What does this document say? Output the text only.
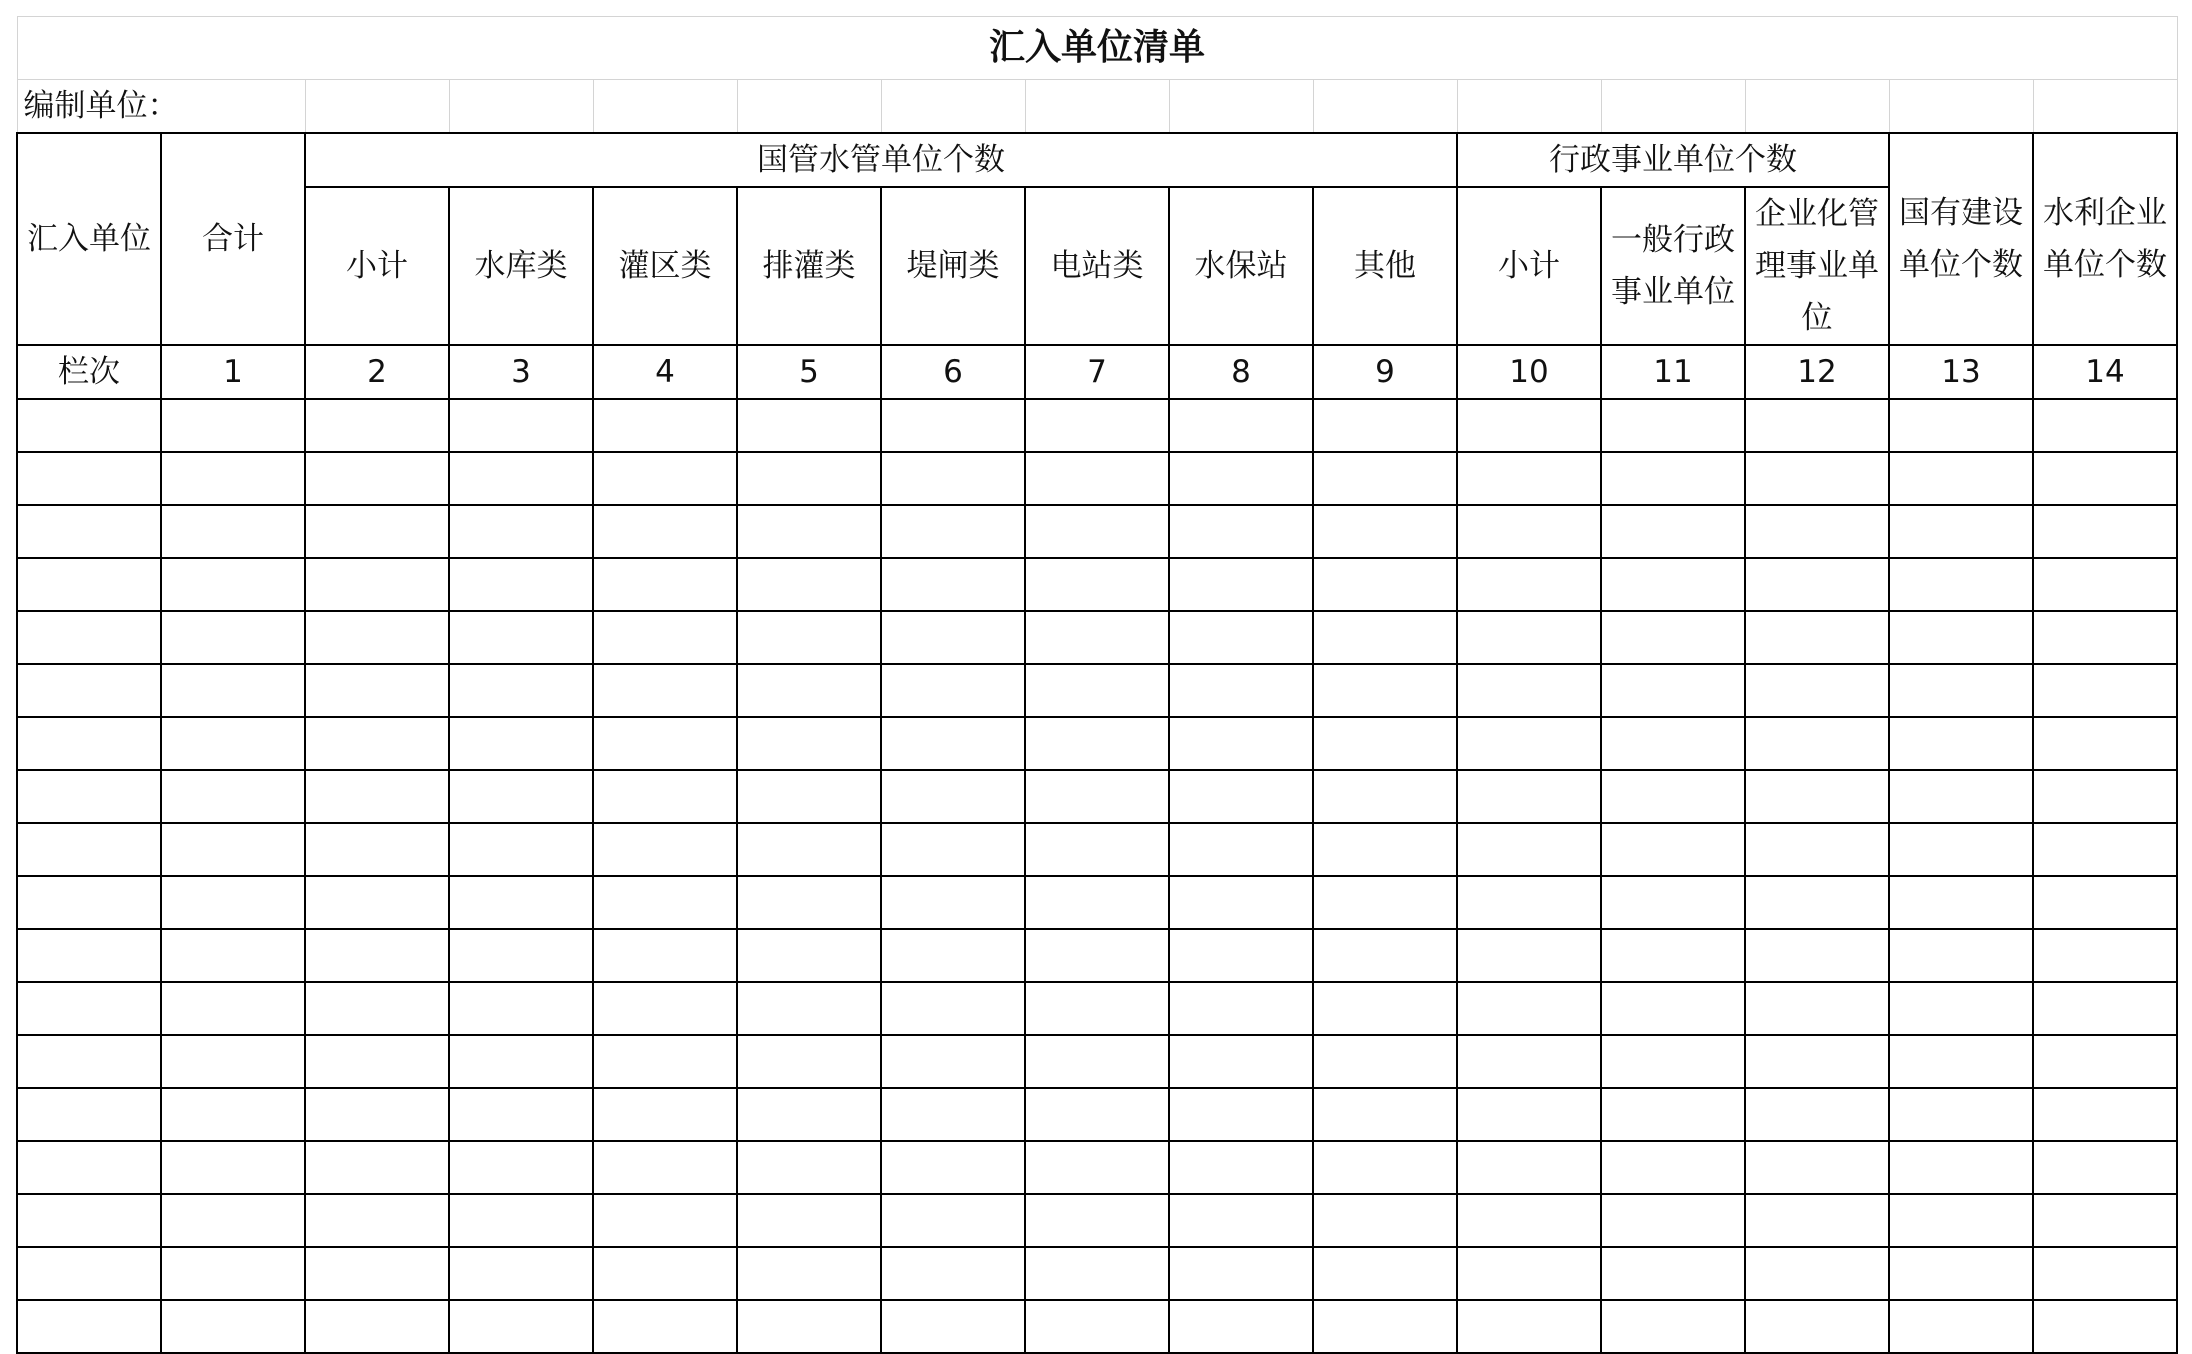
汇入单位清单														
编制单位：														
汇入单位	合计	国管水管单位个数								行政事业单位个数			国有建设单位个数	水利企业单位个数
		小计	水库类	灌区类	排灌类	堤闸类	电站类	水保站	其他	小计	一般行政事业单位	企业化管理事业单位		
栏次	1	2	3	4	5	6	7	8	9	10	11	12	13	14
